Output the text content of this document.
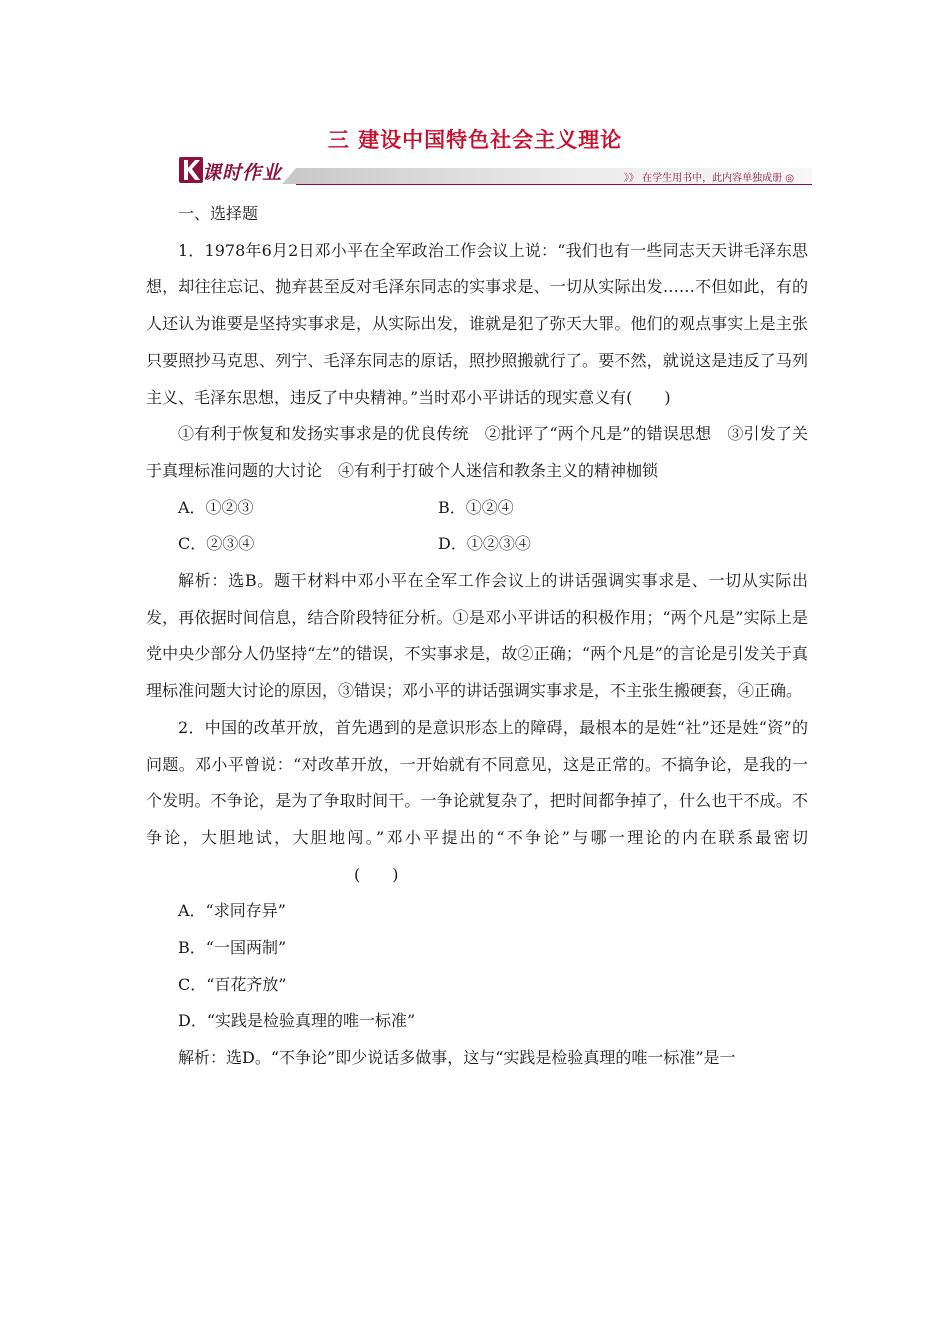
三 建设中国特色社会主义理论
》》 在学生用书中，此内容单独成册 ◎
课时作业

一、选择题

1．1978年6月2日邓小平在全军政治工作会议上说：“我们也有一些同志天天讲毛泽东思想，却往往忘记、抛弃甚至反对毛泽东同志的实事求是、一切从实际出发……不但如此，有的人还认为谁要是坚持实事求是，从实际出发，谁就是犯了弥天大罪。他们的观点事实上是主张只要照抄马克思、列宁、毛泽东同志的原话，照抄照搬就行了。要不然，就说这是违反了马列主义、毛泽东思想，违反了中央精神。”当时邓小平讲话的现实意义有(　　)

①有利于恢复和发扬实事求是的优良传统　②批评了“两个凡是”的错误思想　③引发了关于真理标准问题的大讨论　④有利于打破个人迷信和教条主义的精神枷锁

A．①②③	B．①②④
C．②③④	D．①②③④

解析：选B。题干材料中邓小平在全军工作会议上的讲话强调实事求是、一切从实际出发，再依据时间信息，结合阶段特征分析。①是邓小平讲话的积极作用；“两个凡是”实际上是党中央少部分人仍坚持“左”的错误，不实事求是，故②正确；“两个凡是”的言论是引发关于真理标准问题大讨论的原因，③错误；邓小平的讲话强调实事求是，不主张生搬硬套，④正确。

2．中国的改革开放，首先遇到的是意识形态上的障碍，最根本的是姓“社”还是姓“资”的问题。邓小平曾说：“对改革开放，一开始就有不同意见，这是正常的。不搞争论，是我的一个发明。不争论，是为了争取时间干。一争论就复杂了，把时间都争掉了，什么也干不成。不争论，大胆地试，大胆地闯。”邓小平提出的“不争论”与哪一理论的内在联系最密切(　　)

A．“求同存异”

B．“一国两制”

C．“百花齐放”

D．“实践是检验真理的唯一标准”

解析：选D。“不争论”即少说话多做事，这与“实践是检验真理的唯一标准”是一
